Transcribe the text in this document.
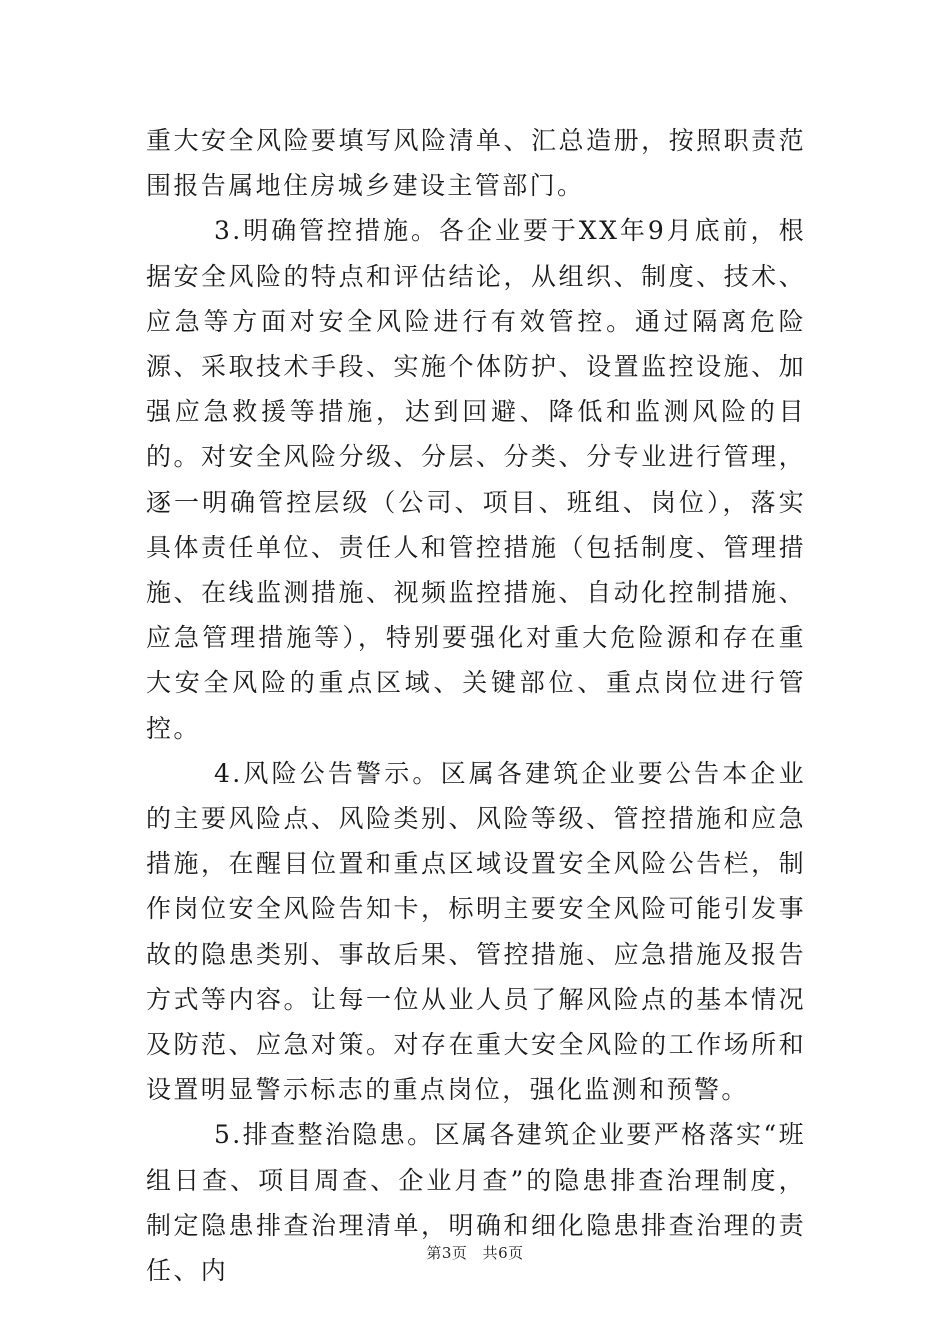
重大安全风险要填写风险清单、汇总造册，按照职责范围报告属地住房城乡建设主管部门。

3.明确管控措施。各企业要于XX年9月底前，根据安全风险的特点和评估结论，从组织、制度、技术、应急等方面对安全风险进行有效管控。通过隔离危险源、采取技术手段、实施个体防护、设置监控设施、加强应急救援等措施，达到回避、降低和监测风险的目的。对安全风险分级、分层、分类、分专业进行管理，逐一明确管控层级（公司、项目、班组、岗位），落实具体责任单位、责任人和管控措施（包括制度、管理措施、在线监测措施、视频监控措施、自动化控制措施、应急管理措施等），特别要强化对重大危险源和存在重大安全风险的重点区域、关键部位、重点岗位进行管控。

4.风险公告警示。区属各建筑企业要公告本企业的主要风险点、风险类别、风险等级、管控措施和应急措施，在醒目位置和重点区域设置安全风险公告栏，制作岗位安全风险告知卡，标明主要安全风险可能引发事故的隐患类别、事故后果、管控措施、应急措施及报告方式等内容。让每一位从业人员了解风险点的基本情况及防范、应急对策。对存在重大安全风险的工作场所和设置明显警示标志的重点岗位，强化监测和预警。

5.排查整治隐患。区属各建筑企业要严格落实“班组日查、项目周查、企业月查”的隐患排查治理制度，制定隐患排查治理清单，明确和细化隐患排查治理的责任、内

第3页 共6页
